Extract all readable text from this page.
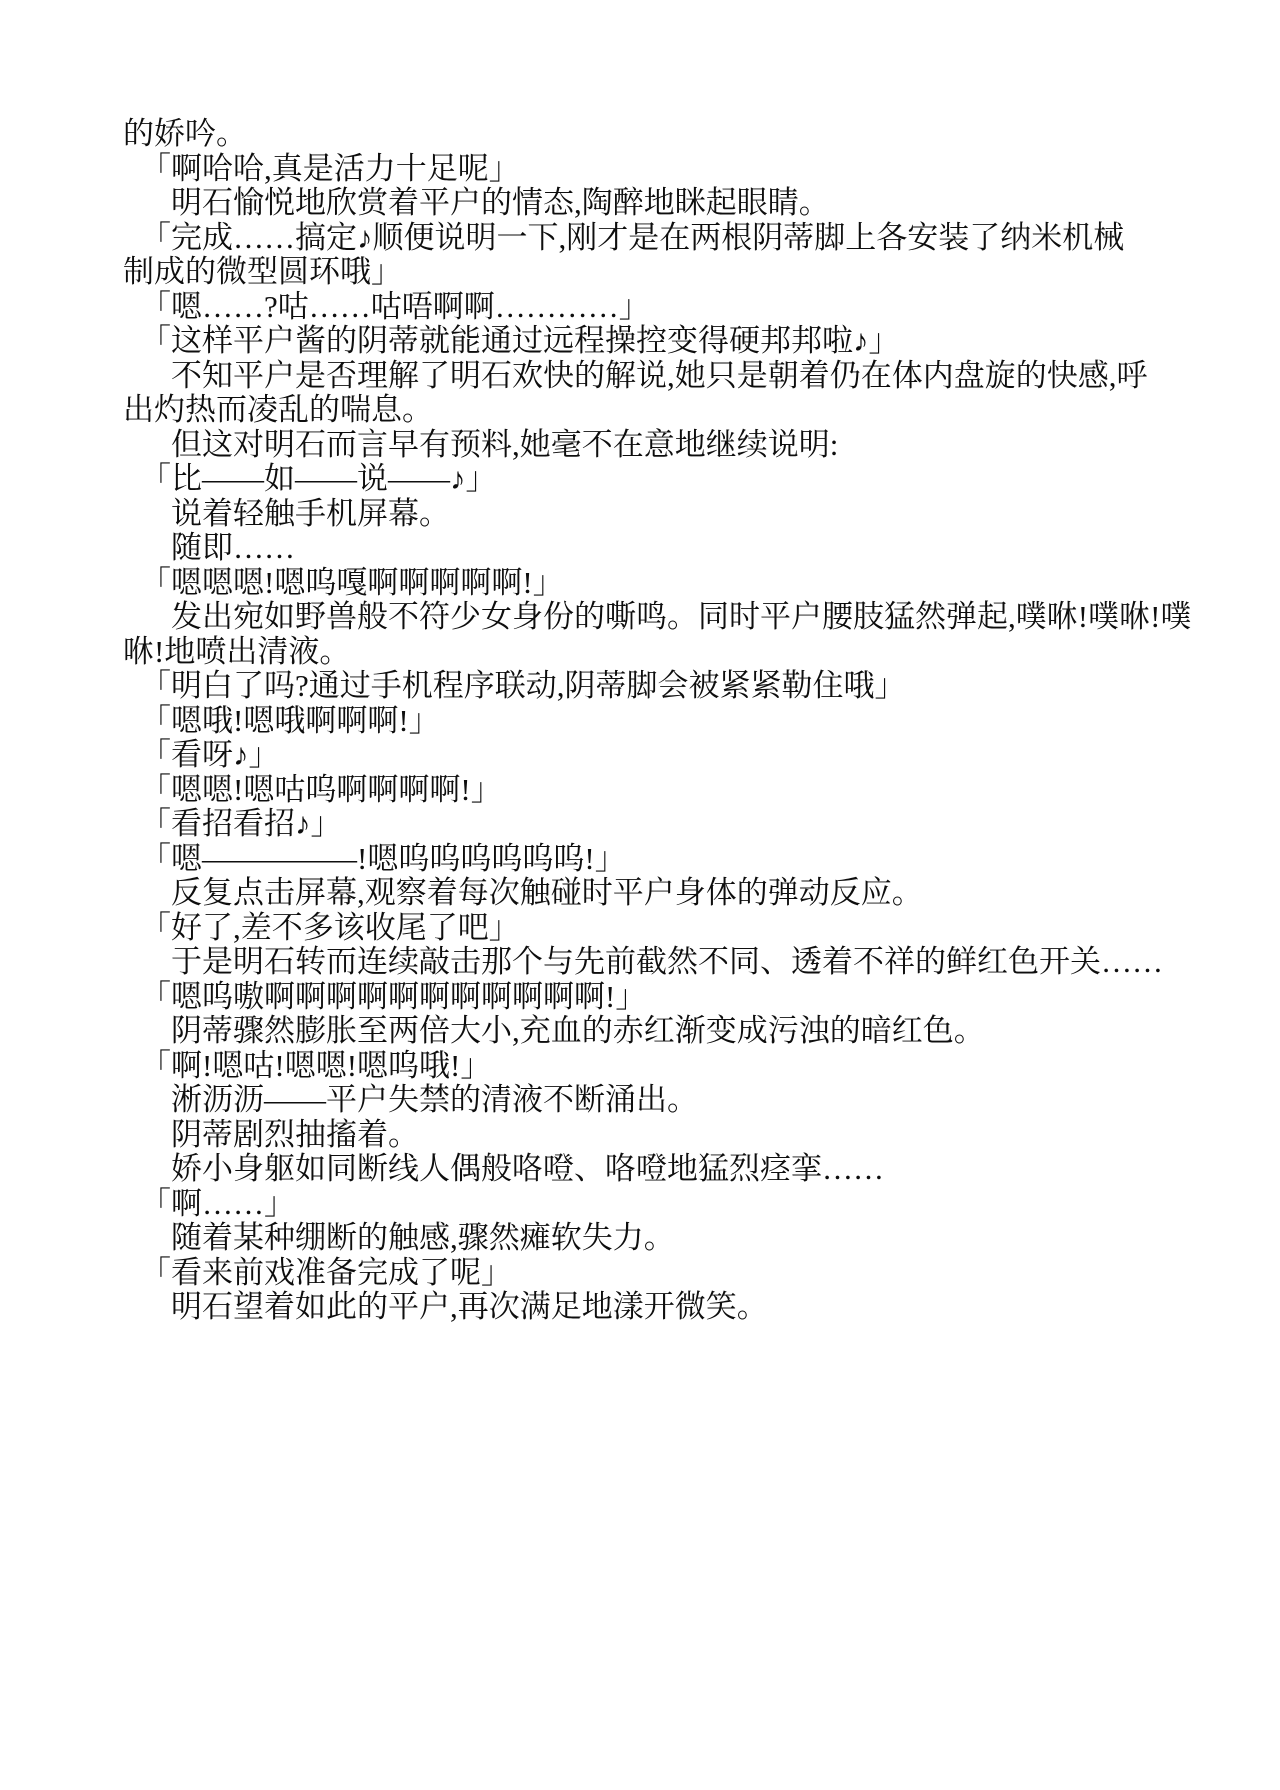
的娇吟。
「啊哈哈,真是活力十足呢」
明石愉悦地欣赏着平户的情态,陶醉地眯起眼睛。
「完成……搞定♪顺便说明一下,刚才是在两根阴蒂脚上各安装了纳米机械
制成的微型圆环哦」
「嗯……?咕……咕唔啊啊…………」
「这样平户酱的阴蒂就能通过远程操控变得硬邦邦啦♪」
不知平户是否理解了明石欢快的解说,她只是朝着仍在体内盘旋的快感,呼
出灼热而凌乱的喘息。
但这对明石而言早有预料,她毫不在意地继续说明:
「比——如——说——♪」
说着轻触手机屏幕。
随即……
「嗯嗯嗯!嗯呜嘎啊啊啊啊啊!」
发出宛如野兽般不符少女身份的嘶鸣。同时平户腰肢猛然弹起,噗咻!噗咻!噗
咻!地喷出清液。
「明白了吗?通过手机程序联动,阴蒂脚会被紧紧勒住哦」
「嗯哦!嗯哦啊啊啊!」
「看呀♪」
「嗯嗯!嗯咕呜啊啊啊啊!」
「看招看招♪」
「嗯—————!嗯呜呜呜呜呜呜!」
反复点击屏幕,观察着每次触碰时平户身体的弹动反应。
「好了,差不多该收尾了吧」
于是明石转而连续敲击那个与先前截然不同、透着不祥的鲜红色开关……
「嗯呜嗷啊啊啊啊啊啊啊啊啊啊啊!」
阴蒂骤然膨胀至两倍大小,充血的赤红渐变成污浊的暗红色。
「啊!嗯咕!嗯嗯!嗯呜哦!」
淅沥沥——平户失禁的清液不断涌出。
阴蒂剧烈抽搐着。
娇小身躯如同断线人偶般咯噔、咯噔地猛烈痉挛……
「啊……」
随着某种绷断的触感,骤然瘫软失力。
「看来前戏准备完成了呢」
明石望着如此的平户,再次满足地漾开微笑。
